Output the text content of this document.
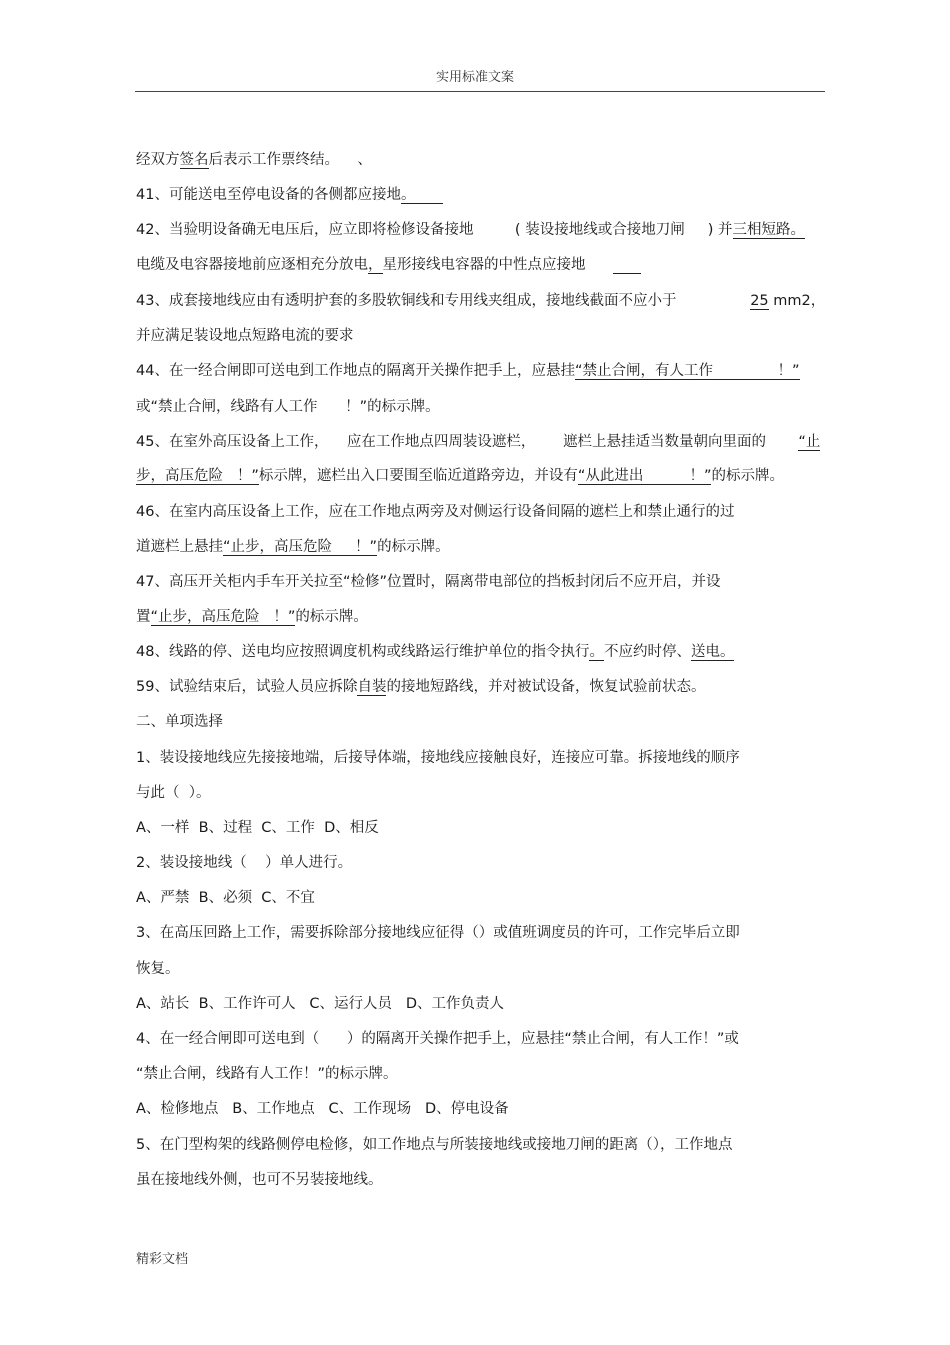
实用标准文案
经双方签名后表示工作票终结。    、
41、可能送电至停电设备的各侧都应接地。
42、当验明设备确无电压后，应立即将检修设备接地         ( 装设接地线或合接地刀闸     ) 并三相短路。
电缆及电容器接地前应逐相充分放电，星形接线电容器的中性点应接地
43、成套接地线应由有透明护套的多股软铜线和专用线夹组成，接地线截面不应小于                25 mm2，
并应满足装设地点短路电流的要求
44、在一经合闸即可送电到工作地点的隔离开关操作把手上，应悬挂“禁止合闸，有人工作              ！”
或“禁止合闸，线路有人工作      ！”的标示牌。
45、在室外高压设备上工作，    应在工作地点四周装设遮栏，      遮栏上悬挂适当数量朝向里面的       “止
步，高压危险   ！”标示牌，遮栏出入口要围至临近道路旁边，并设有“从此进出          ！”的标示牌。
46、在室内高压设备上工作，应在工作地点两旁及对侧运行设备间隔的遮栏上和禁止通行的过
道遮栏上悬挂“止步，高压危险     ！”的标示牌。
47、高压开关柜内手车开关拉至“检修”位置时，隔离带电部位的挡板封闭后不应开启，并设
置“止步，高压危险   ！”的标示牌。
48、线路的停、送电均应按照调度机构或线路运行维护单位的指令执行。不应约时停、送电。
59、试验结束后，试验人员应拆除自装的接地短路线，并对被试设备，恢复试验前状态。
二、单项选择
1、装设接地线应先接接地端，后接导体端，接地线应接触良好，连接应可靠。拆接地线的顺序
与此（  ）。
A、一样  B、过程  C、工作  D、相反
2、装设接地线（    ）单人进行。
A、严禁  B、必须  C、不宜
3、在高压回路上工作，需要拆除部分接地线应征得（）或值班调度员的许可，工作完毕后立即
恢复。
A、站长  B、工作许可人   C、运行人员   D、工作负责人
4、在一经合闸即可送电到（      ）的隔离开关操作把手上，应悬挂“禁止合闸，有人工作！”或
“禁止合闸，线路有人工作！”的标示牌。
A、检修地点   B、工作地点   C、工作现场   D、停电设备
5、在门型构架的线路侧停电检修，如工作地点与所装接地线或接地刀闸的距离（），工作地点
虽在接地线外侧，也可不另装接地线。
精彩文档
